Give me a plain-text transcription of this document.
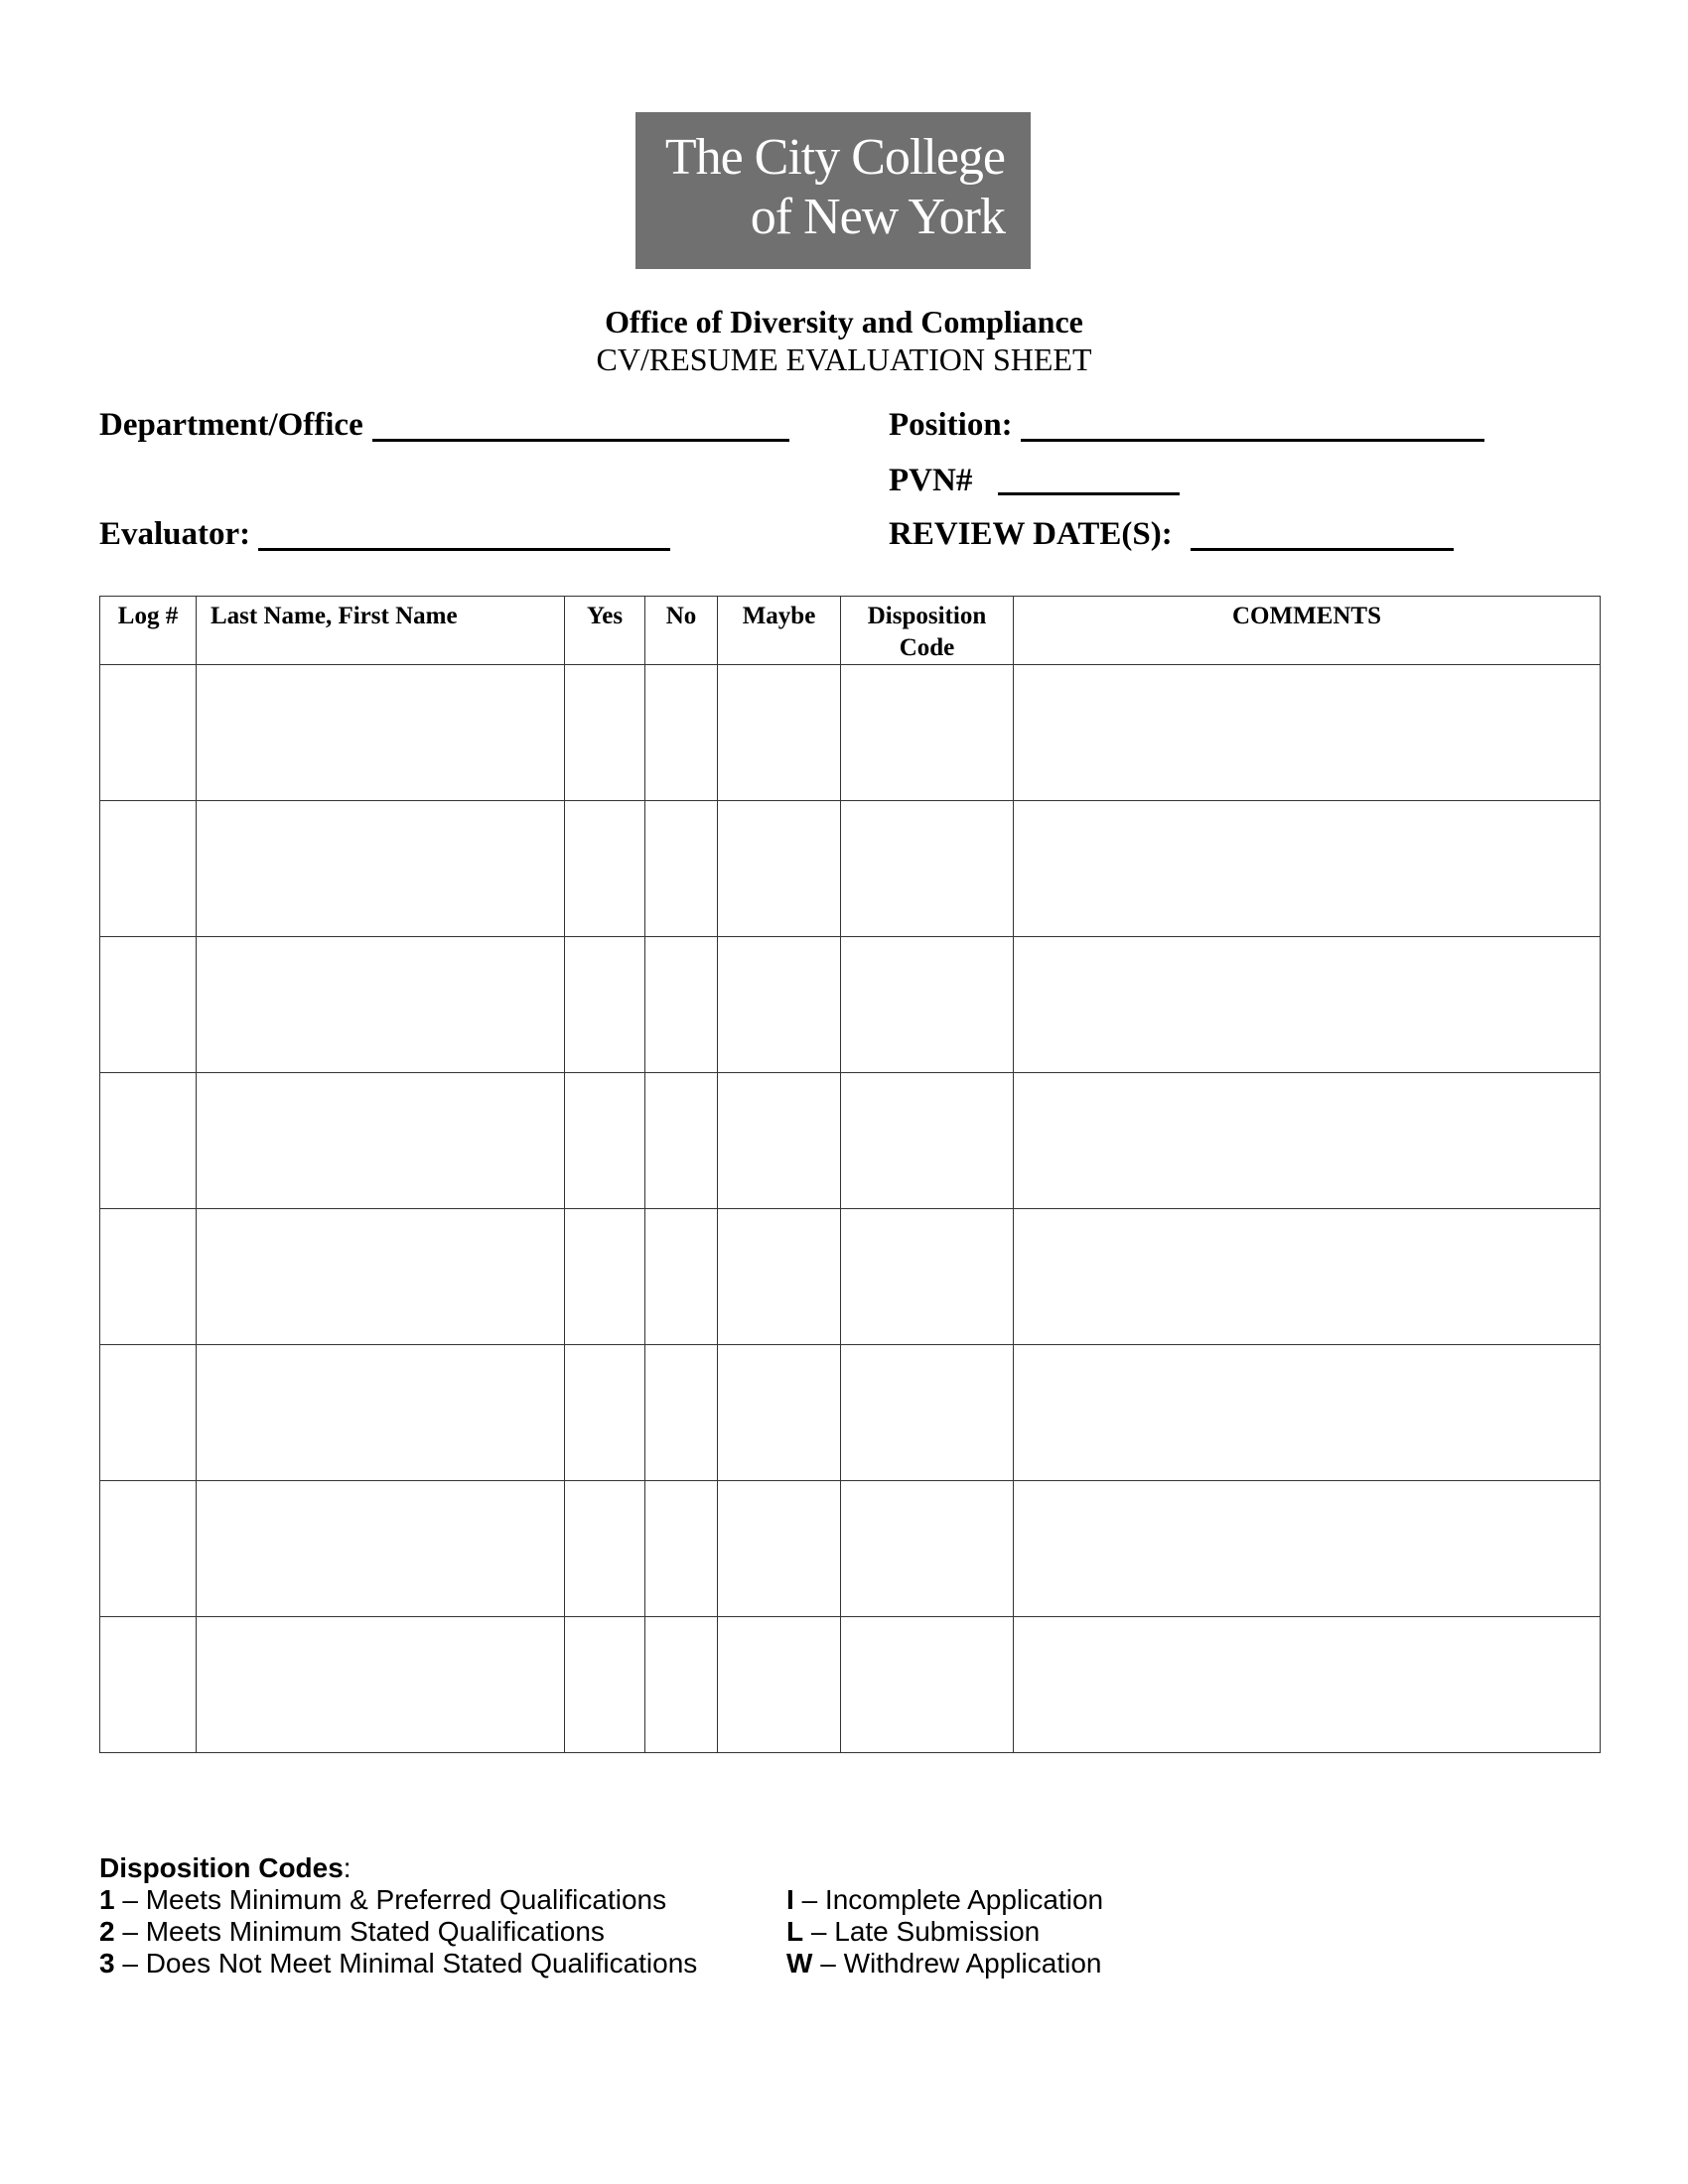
The City College
of New York
Office of Diversity and Compliance
CV/RESUME EVALUATION SHEET
Department/Office	Position:
PVN#
Evaluator:	REVIEW DATE(S):
Log #	Last Name, First Name	Yes	No	Maybe	Disposition Code	COMMENTS

Disposition Codes:
1 – Meets Minimum & Preferred Qualifications
2 – Meets Minimum Stated Qualifications
3 – Does Not Meet Minimal Stated Qualifications
I – Incomplete Application
L – Late Submission
W – Withdrew Application
